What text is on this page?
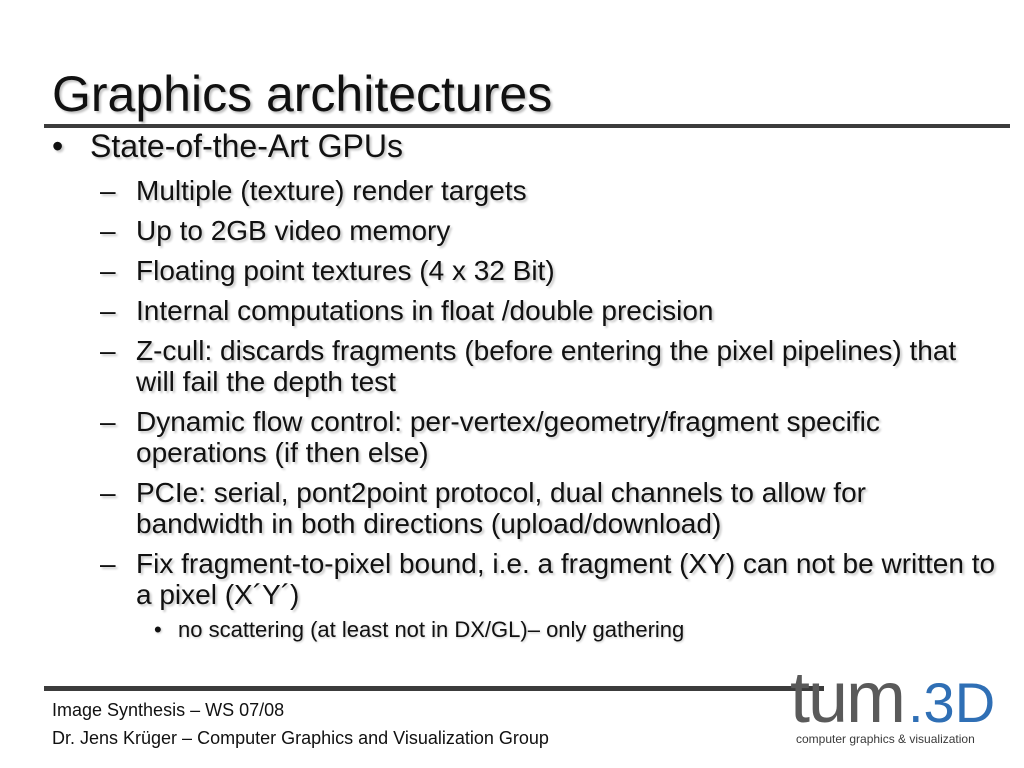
Graphics architectures
• State-of-the-Art GPUs
– Multiple (texture) render targets
– Up to 2GB video memory
– Floating point textures (4 x 32 Bit)
– Internal computations in float /double precision
– Z-cull: discards fragments (before entering the pixel pipelines) that will fail the depth test
– Dynamic flow control: per-vertex/geometry/fragment specific operations (if then else)
– PCIe: serial, pont2point protocol, dual channels to allow for bandwidth in both directions (upload/download)
– Fix fragment-to-pixel bound, i.e. a fragment (XY) can not be written to a pixel (X´Y´)
• no scattering (at least not in DX/GL)– only gathering
Image Synthesis – WS 07/08
Dr. Jens Krüger – Computer Graphics and Visualization Group	tum .3D
computer graphics & visualization
